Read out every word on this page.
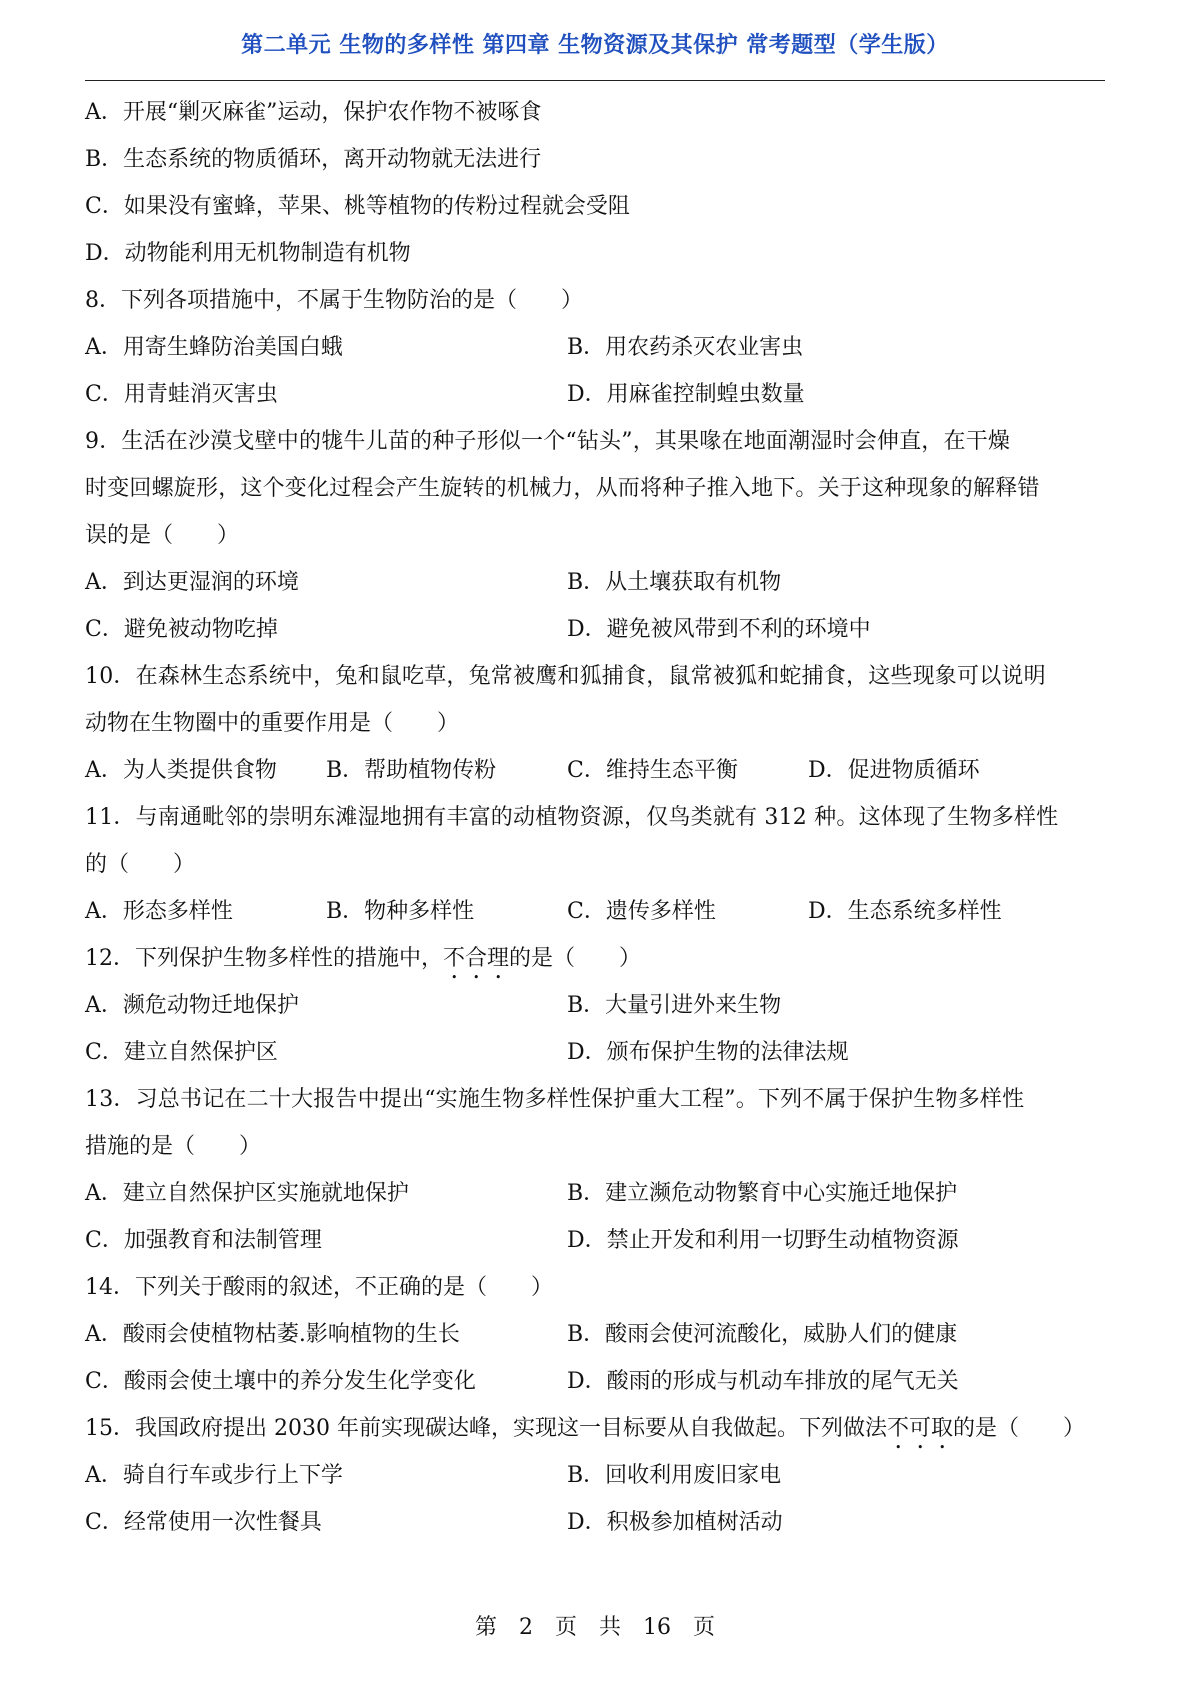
第二单元 生物的多样性 第四章 生物资源及其保护 常考题型（学生版）
A．开展“剿灭麻雀”运动，保护农作物不被啄食
B．生态系统的物质循环，离开动物就无法进行
C．如果没有蜜蜂，苹果、桃等植物的传粉过程就会受阻
D．动物能利用无机物制造有机物
8．下列各项措施中，不属于生物防治的是（　　）
A．用寄生蜂防治美国白蛾	B．用农药杀灭农业害虫
C．用青蛙消灭害虫	D．用麻雀控制蝗虫数量
9．生活在沙漠戈壁中的牻牛儿苗的种子形似一个“钻头”，其果喙在地面潮湿时会伸直，在干燥
时变回螺旋形，这个变化过程会产生旋转的机械力，从而将种子推入地下。关于这种现象的解释错
误的是（　　）
A．到达更湿润的环境	B．从土壤获取有机物
C．避免被动物吃掉	D．避免被风带到不利的环境中
10．在森林生态系统中，兔和鼠吃草，兔常被鹰和狐捕食，鼠常被狐和蛇捕食，这些现象可以说明
动物在生物圈中的重要作用是（　　）
A．为人类提供食物	B．帮助植物传粉	C．维持生态平衡	D．促进物质循环
11．与南通毗邻的崇明东滩湿地拥有丰富的动植物资源，仅鸟类就有 312 种。这体现了生物多样性
的（　　）
A．形态多样性	B．物种多样性	C．遗传多样性	D．生态系统多样性
12．下列保护生物多样性的措施中，不合理的是（　　）
A．濒危动物迁地保护	B．大量引进外来生物
C．建立自然保护区	D．颁布保护生物的法律法规
13．习总书记在二十大报告中提出“实施生物多样性保护重大工程”。下列不属于保护生物多样性
措施的是（　　）
A．建立自然保护区实施就地保护	B．建立濒危动物繁育中心实施迁地保护
C．加强教育和法制管理	D．禁止开发和利用一切野生动植物资源
14．下列关于酸雨的叙述，不正确的是（　　）
A．酸雨会使植物枯萎.影响植物的生长	B．酸雨会使河流酸化，威胁人们的健康
C．酸雨会使土壤中的养分发生化学变化	D．酸雨的形成与机动车排放的尾气无关
15．我国政府提出 2030 年前实现碳达峰，实现这一目标要从自我做起。下列做法不可取的是（　　）
A．骑自行车或步行上下学	B．回收利用废旧家电
C．经常使用一次性餐具	D．积极参加植树活动
第　2　页　共　16　页
